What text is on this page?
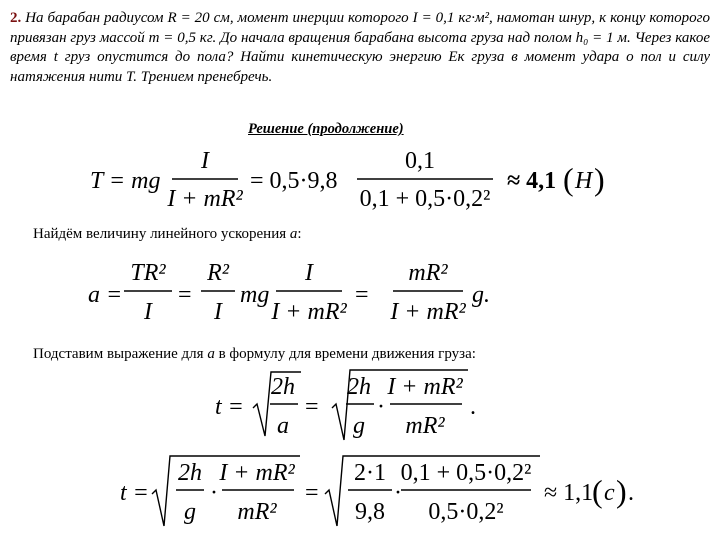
2. На барабан радиусом R = 20 см, момент инерции которого I = 0,1 кг·м², намотан шнур, к концу которого привязан груз массой m = 0,5 кг. До начала вращения барабана высота груза над полом h₀ = 1 м. Через какое время t груз опустится до пола? Найти кинетическую энергию Eк груза в момент удара о пол и силу натяжения нити T. Трением пренебречь.

Решение (продолжение)

T = mg
I
I + mR²
= 0,5·9,8
0,1
0,1 + 0,5·0,2²
≈ 4,1 ( H )

Найдём величину линейного ускорения a:

a =
TR²
I
=
R²
I
mg
I
I + mR²
=
mR²
I + mR²
g.

Подставим выражение для a в формулу для времени движения груза:

t =
2h
a
=
2h
g
·
I + mR²
mR²
.
t =
2h
g
·
I + mR²
mR²
=
2·1
9,8
·
0,1 + 0,5·0,2²
0,5·0,2²
≈ 1,1
( c ) .
